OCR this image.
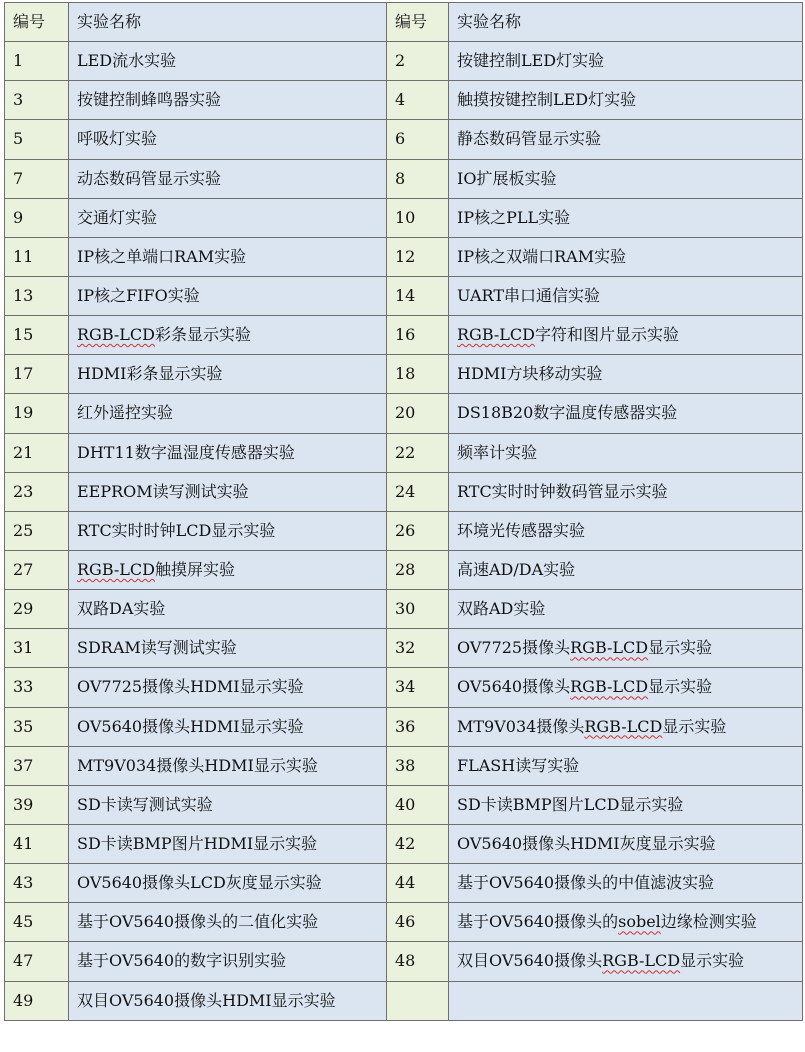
编号	实验名称	编号	实验名称
1	LED流水实验	2	按键控制LED灯实验
3	按键控制蜂鸣器实验	4	触摸按键控制LED灯实验
5	呼吸灯实验	6	静态数码管显示实验
7	动态数码管显示实验	8	IO扩展板实验
9	交通灯实验	10	IP核之PLL实验
11	IP核之单端口RAM实验	12	IP核之双端口RAM实验
13	IP核之FIFO实验	14	UART串口通信实验
15	RGB-LCD彩条显示实验	16	RGB-LCD字符和图片显示实验
17	HDMI彩条显示实验	18	HDMI方块移动实验
19	红外遥控实验	20	DS18B20数字温度传感器实验
21	DHT11数字温湿度传感器实验	22	频率计实验
23	EEPROM读写测试实验	24	RTC实时时钟数码管显示实验
25	RTC实时时钟LCD显示实验	26	环境光传感器实验
27	RGB-LCD触摸屏实验	28	高速AD/DA实验
29	双路DA实验	30	双路AD实验
31	SDRAM读写测试实验	32	OV7725摄像头RGB-LCD显示实验
33	OV7725摄像头HDMI显示实验	34	OV5640摄像头RGB-LCD显示实验
35	OV5640摄像头HDMI显示实验	36	MT9V034摄像头RGB-LCD显示实验
37	MT9V034摄像头HDMI显示实验	38	FLASH读写实验
39	SD卡读写测试实验	40	SD卡读BMP图片LCD显示实验
41	SD卡读BMP图片HDMI显示实验	42	OV5640摄像头HDMI灰度显示实验
43	OV5640摄像头LCD灰度显示实验	44	基于OV5640摄像头的中值滤波实验
45	基于OV5640摄像头的二值化实验	46	基于OV5640摄像头的sobel边缘检测实验
47	基于OV5640的数字识别实验	48	双目OV5640摄像头RGB-LCD显示实验
49	双目OV5640摄像头HDMI显示实验		
